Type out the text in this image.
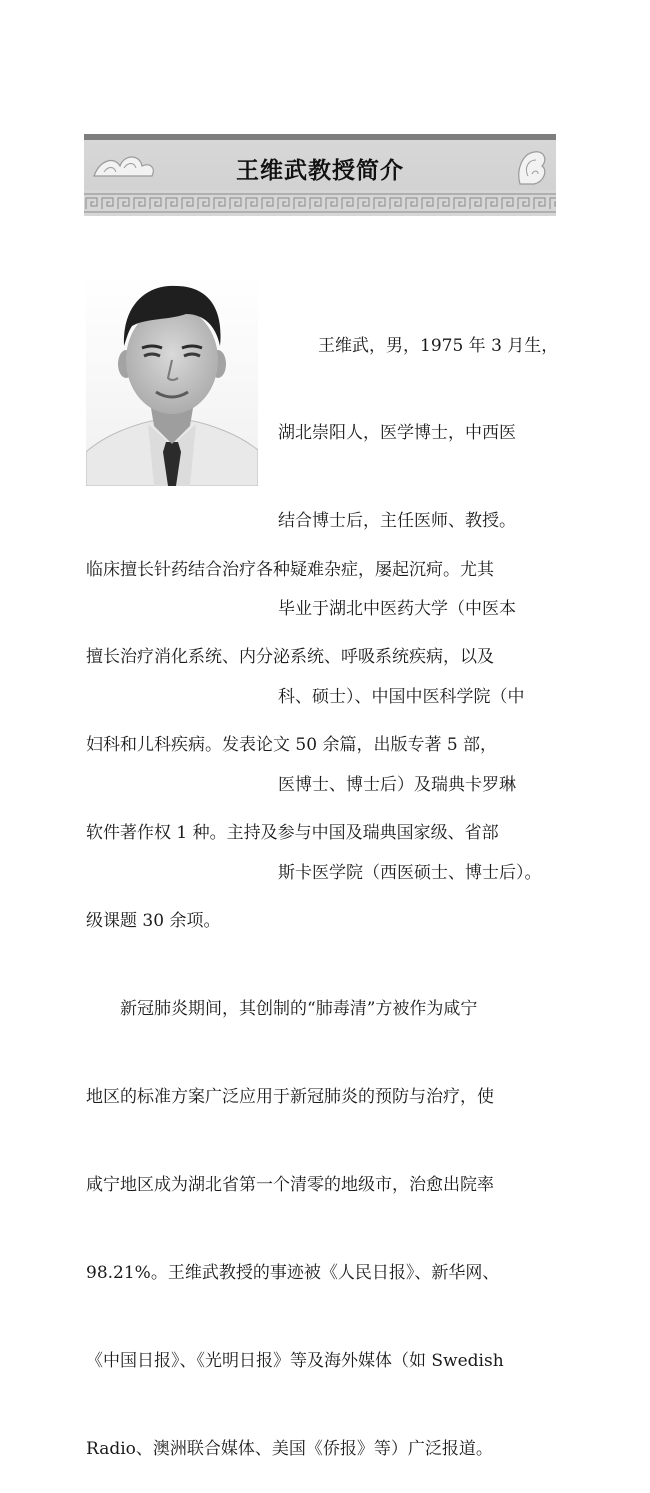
王维武教授简介

王维武，男，1975 年 3 月生，

湖北崇阳人，医学博士，中西医

结合博士后，主任医师、教授。

毕业于湖北中医药大学（中医本

科、硕士）、中国中医科学院（中

医博士、博士后）及瑞典卡罗琳

斯卡医学院（西医硕士、博士后）。

临床擅长针药结合治疗各种疑难杂症，屡起沉疴。尤其

擅长治疗消化系统、内分泌系统、呼吸系统疾病，以及

妇科和儿科疾病。发表论文 50 余篇，出版专著 5 部，

软件著作权 1 种。主持及参与中国及瑞典国家级、省部

级课题 30 余项。

新冠肺炎期间，其创制的“肺毒清”方被作为咸宁

地区的标准方案广泛应用于新冠肺炎的预防与治疗，使

咸宁地区成为湖北省第一个清零的地级市，治愈出院率

98.21%。王维武教授的事迹被《人民日报》、新华网、

《中国日报》、《光明日报》等及海外媒体（如 Swedish

Radio、澳洲联合媒体、美国《侨报》等）广泛报道。
